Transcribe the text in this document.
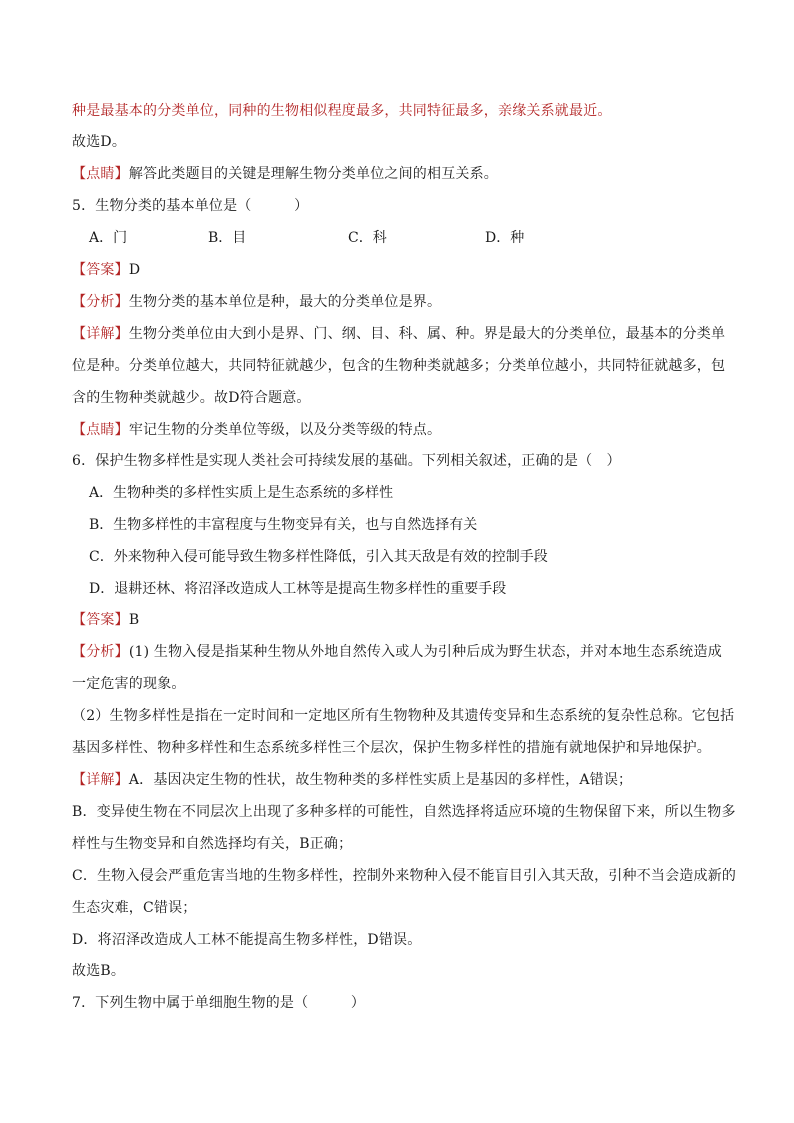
种是最基本的分类单位，同种的生物相似程度最多，共同特征最多，亲缘关系就最近。
故选D。
【点睛】解答此类题目的关键是理解生物分类单位之间的相互关系。
5．生物分类的基本单位是（　　　）
A．门	B．目	C．科	D．种
【答案】D
【分析】生物分类的基本单位是种，最大的分类单位是界。
【详解】生物分类单位由大到小是界、门、纲、目、科、属、种。界是最大的分类单位，最基本的分类单
位是种。分类单位越大，共同特征就越少，包含的生物种类就越多；分类单位越小，共同特征就越多，包
含的生物种类就越少。故D符合题意。
【点睛】牢记生物的分类单位等级，以及分类等级的特点。
6．保护生物多样性是实现人类社会可持续发展的基础。下列相关叙述，正确的是（　）
A．生物种类的多样性实质上是生态系统的多样性
B．生物多样性的丰富程度与生物变异有关，也与自然选择有关
C．外来物种入侵可能导致生物多样性降低，引入其天敌是有效的控制手段
D．退耕还林、将沼泽改造成人工林等是提高生物多样性的重要手段
【答案】B
【分析】(1) 生物入侵是指某种生物从外地自然传入或人为引种后成为野生状态，并对本地生态系统造成
一定危害的现象。
（2）生物多样性是指在一定时间和一定地区所有生物物种及其遗传变异和生态系统的复杂性总称。它包括
基因多样性、物种多样性和生态系统多样性三个层次，保护生物多样性的措施有就地保护和异地保护。
【详解】A．基因决定生物的性状，故生物种类的多样性实质上是基因的多样性，A错误；
B．变异使生物在不同层次上出现了多种多样的可能性，自然选择将适应环境的生物保留下来，所以生物多
样性与生物变异和自然选择均有关，B正确；
C．生物入侵会严重危害当地的生物多样性，控制外来物种入侵不能盲目引入其天敌，引种不当会造成新的
生态灾难，C错误；
D．将沼泽改造成人工林不能提高生物多样性，D错误。
故选B。
7．下列生物中属于单细胞生物的是（　　　）
